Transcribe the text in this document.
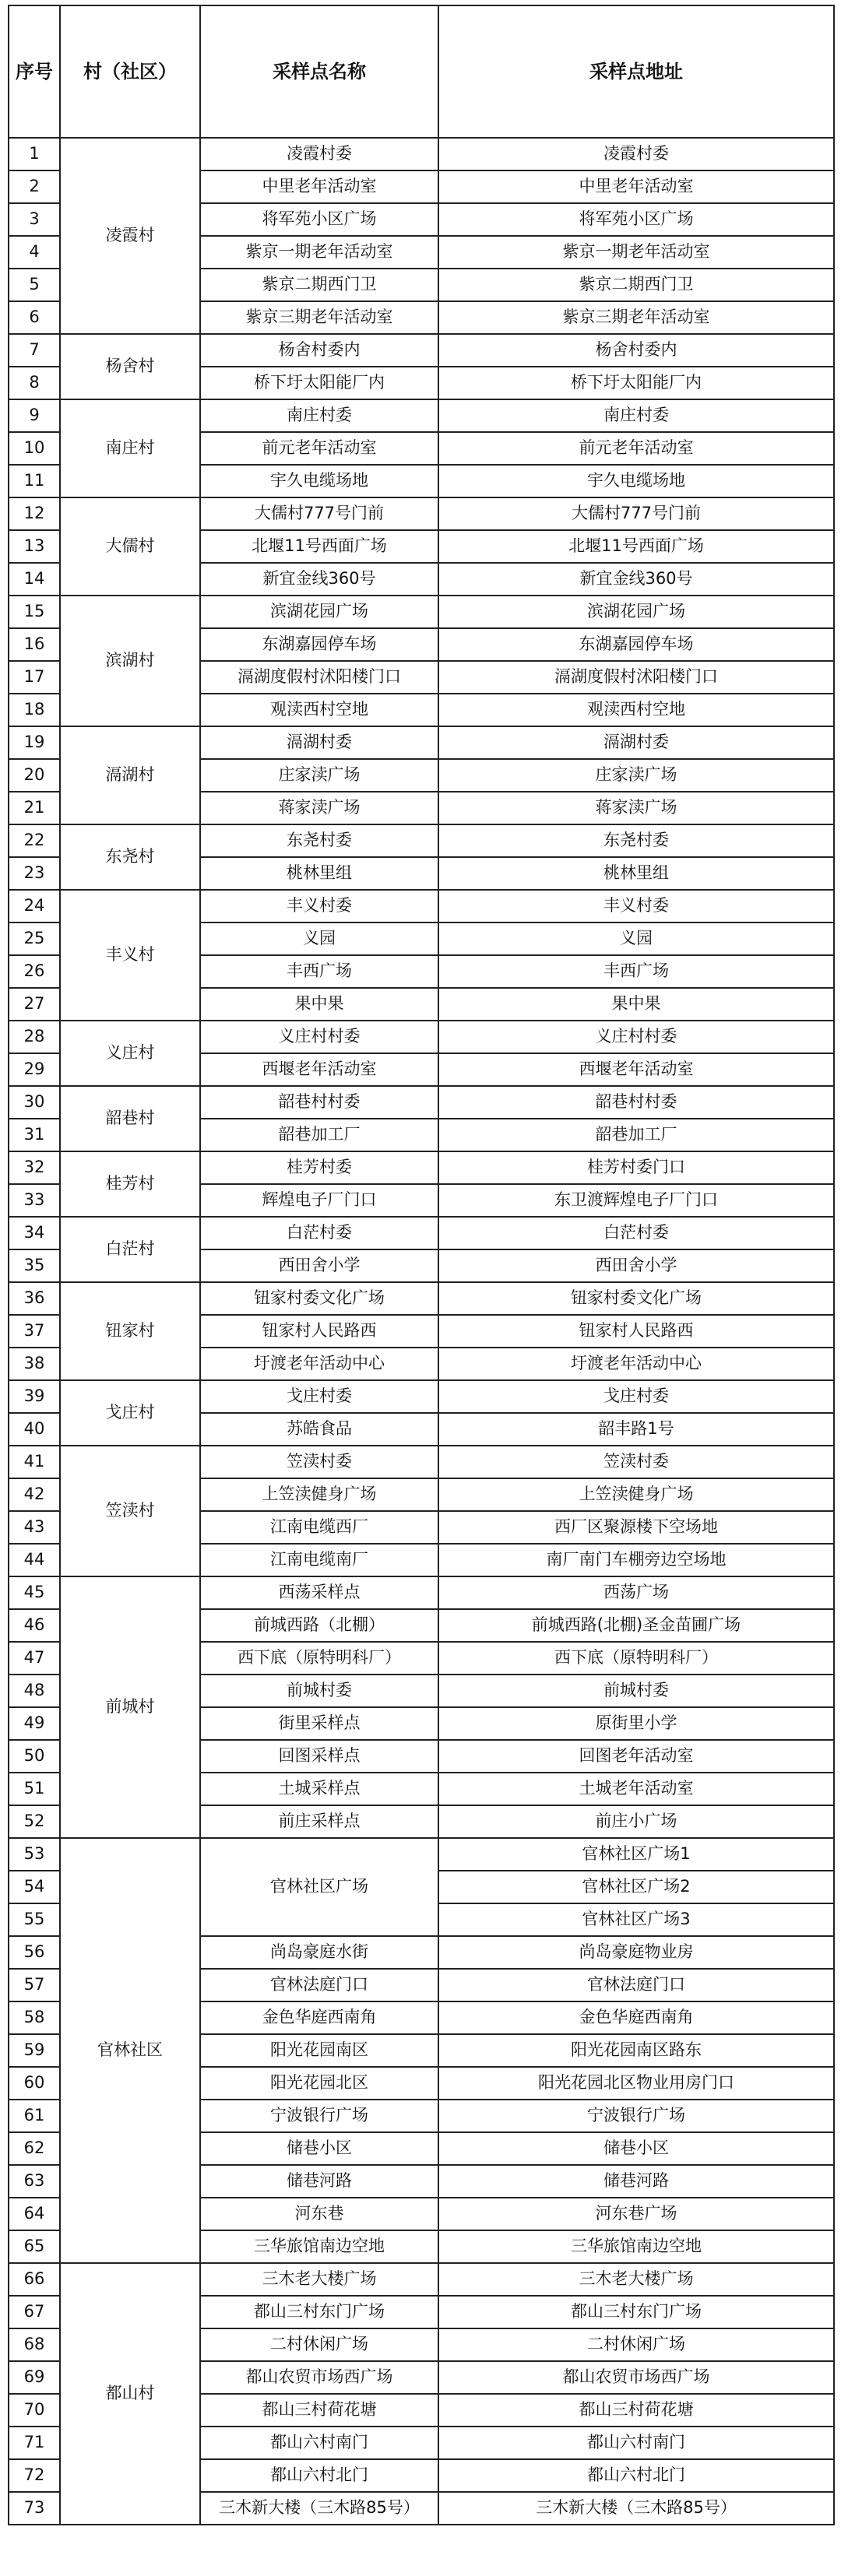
序号	村（社区）	采样点名称	采样点地址
1	凌霞村	凌霞村委	凌霞村委
2		中里老年活动室	中里老年活动室
3		将军苑小区广场	将军苑小区广场
4		紫京一期老年活动室	紫京一期老年活动室
5		紫京二期西门卫	紫京二期西门卫
6		紫京三期老年活动室	紫京三期老年活动室
7	杨舍村	杨舍村委内	杨舍村委内
8		桥下圩太阳能厂内	桥下圩太阳能厂内
9	南庄村	南庄村委	南庄村委
10		前元老年活动室	前元老年活动室
11		宇久电缆场地	宇久电缆场地
12	大儒村	大儒村777号门前	大儒村777号门前
13		北堰11号西面广场	北堰11号西面广场
14		新宜金线360号	新宜金线360号
15	滨湖村	滨湖花园广场	滨湖花园广场
16		东湖嘉园停车场	东湖嘉园停车场
17		滆湖度假村沭阳楼门口	滆湖度假村沭阳楼门口
18		观渎西村空地	观渎西村空地
19	滆湖村	滆湖村委	滆湖村委
20		庄家渎广场	庄家渎广场
21		蒋家渎广场	蒋家渎广场
22	东尧村	东尧村委	东尧村委
23		桃林里组	桃林里组
24	丰义村	丰义村委	丰义村委
25		义园	义园
26		丰西广场	丰西广场
27		果中果	果中果
28	义庄村	义庄村村委	义庄村村委
29		西堰老年活动室	西堰老年活动室
30	韶巷村	韶巷村村委	韶巷村村委
31		韶巷加工厂	韶巷加工厂
32	桂芳村	桂芳村委	桂芳村委门口
33		辉煌电子厂门口	东卫渡辉煌电子厂门口
34	白茫村	白茫村委	白茫村委
35		西田舍小学	西田舍小学
36	钮家村	钮家村委文化广场	钮家村委文化广场
37		钮家村人民路西	钮家村人民路西
38		圩渡老年活动中心	圩渡老年活动中心
39	戈庄村	戈庄村委	戈庄村委
40		苏皓食品	韶丰路1号
41	笠渎村	笠渎村委	笠渎村委
42		上笠渎健身广场	上笠渎健身广场
43		江南电缆西厂	西厂区聚源楼下空场地
44		江南电缆南厂	南厂南门车棚旁边空场地
45	前城村	西荡采样点	西荡广场
46		前城西路（北棚）	前城西路(北棚)圣金苗圃广场
47		西下底（原特明科厂）	西下底（原特明科厂）
48		前城村委	前城村委
49		街里采样点	原街里小学
50		回图采样点	回图老年活动室
51		土城采样点	土城老年活动室
52		前庄采样点	前庄小广场
53	官林社区	官林社区广场	官林社区广场1
54			官林社区广场2
55			官林社区广场3
56		尚岛豪庭水街	尚岛豪庭物业房
57		官林法庭门口	官林法庭门口
58		金色华庭西南角	金色华庭西南角
59		阳光花园南区	阳光花园南区路东
60		阳光花园北区	阳光花园北区物业用房门口
61		宁波银行广场	宁波银行广场
62		储巷小区	储巷小区
63		储巷河路	储巷河路
64		河东巷	河东巷广场
65		三华旅馆南边空地	三华旅馆南边空地
66	都山村	三木老大楼广场	三木老大楼广场
67		都山三村东门广场	都山三村东门广场
68		二村休闲广场	二村休闲广场
69		都山农贸市场西广场	都山农贸市场西广场
70		都山三村荷花塘	都山三村荷花塘
71		都山六村南门	都山六村南门
72		都山六村北门	都山六村北门
73		三木新大楼（三木路85号）	三木新大楼（三木路85号）
